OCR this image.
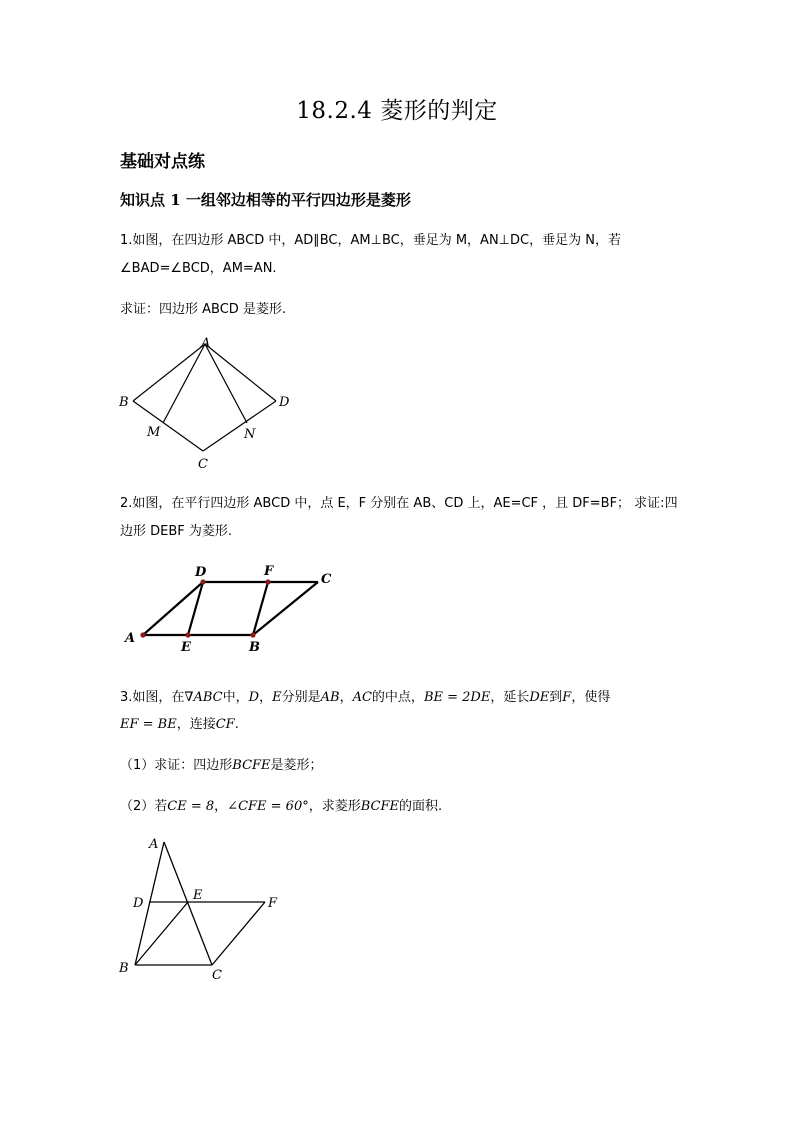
18.2.4 菱形的判定
基础对点练
知识点 1 一组邻边相等的平行四边形是菱形
1.如图，在四边形 ABCD 中，AD∥BC，AM⊥BC，垂足为 M，AN⊥DC，垂足为 N，若
∠BAD=∠BCD，AM=AN.
求证：四边形 ABCD 是菱形.
A
B	D
M	N
C
2.如图，在平行四边形 ABCD 中，点 E，F 分别在 AB、CD 上，AE=CF ，且 DF=BF； 求证:四
边形 DEBF 为菱形.
D	F
C
A
E	B
3.如图，在∇ABC中，D，E分别是AB，AC的中点，BE = 2DE，延长DE到F，使得
EF = BE，连接CF.
（1）求证：四边形BCFE是菱形；
（2）若CE = 8，∠CFE = 60°，求菱形BCFE的面积.
A
D
E
F
B	C
